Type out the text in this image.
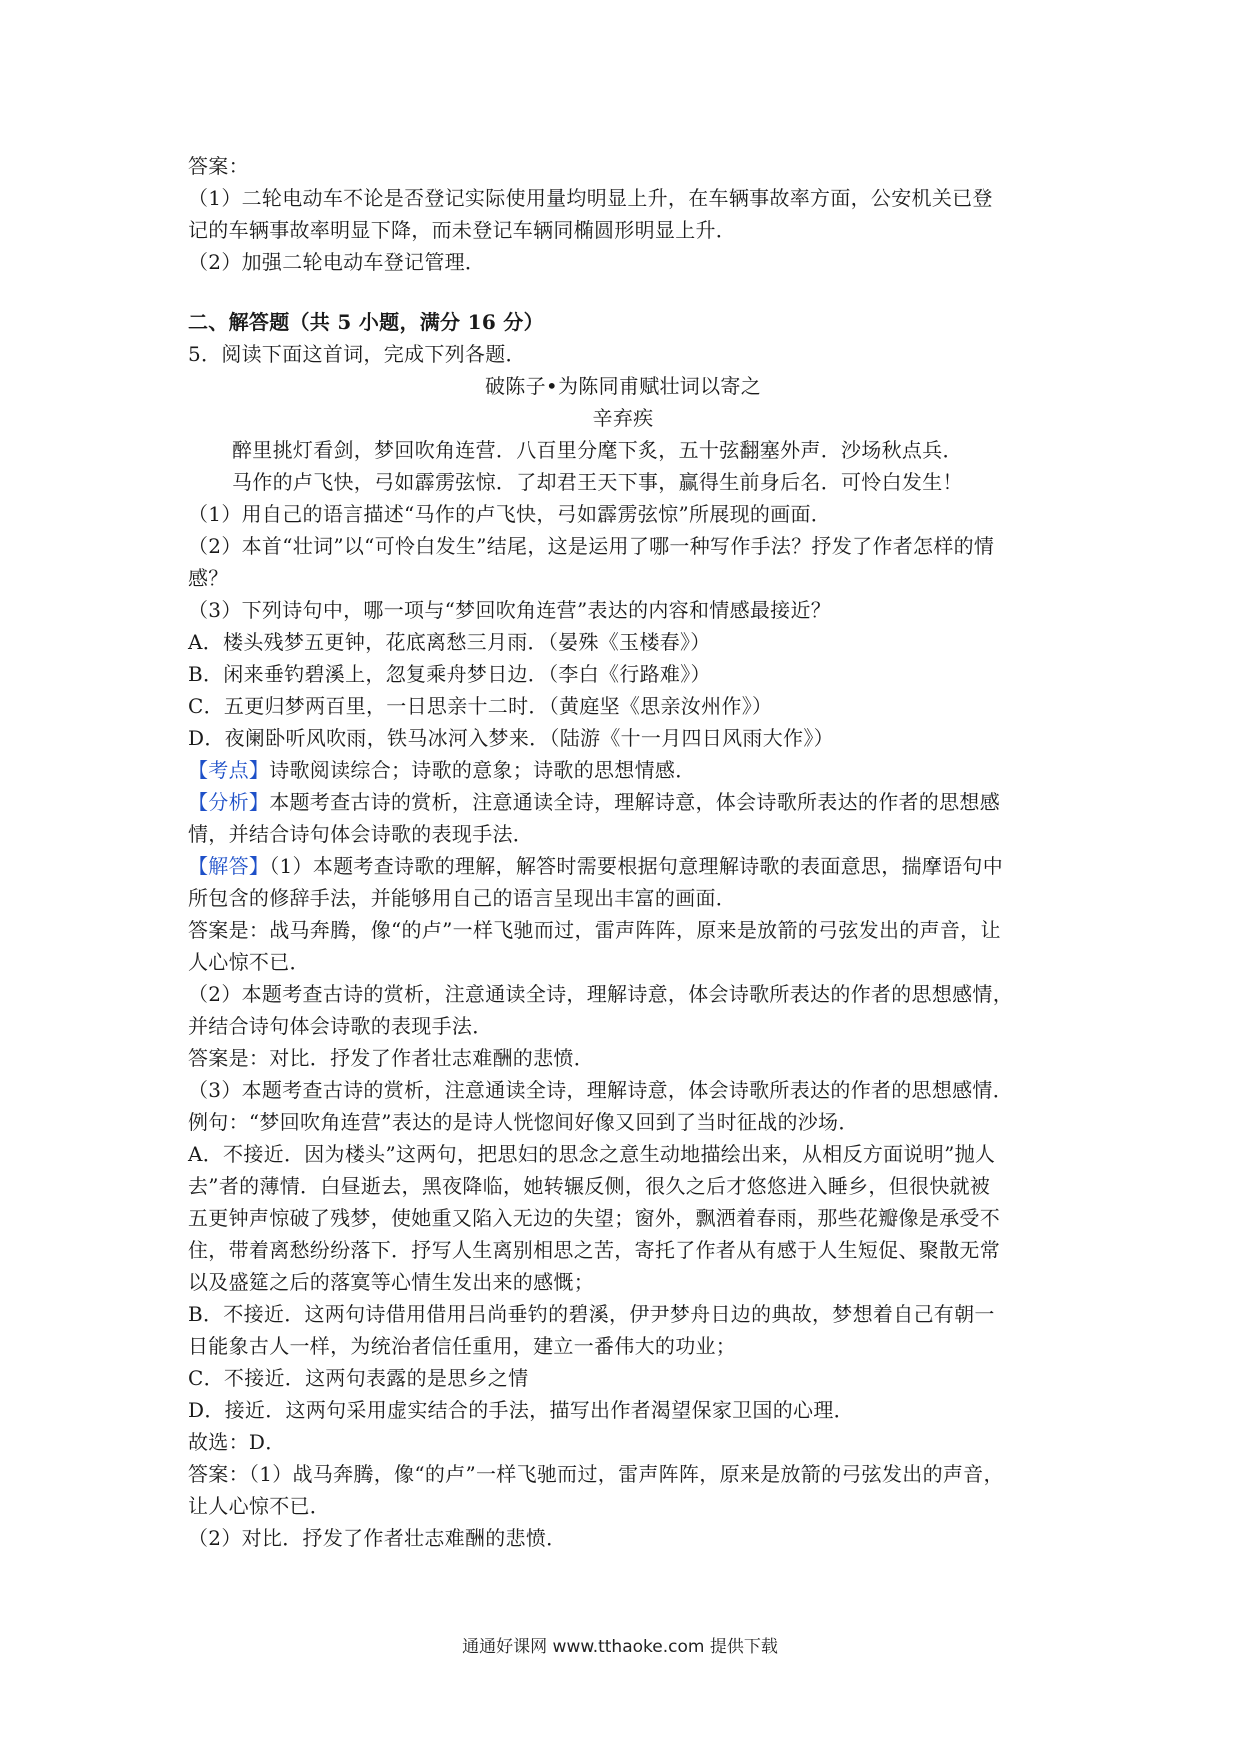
答案：
（1）二轮电动车不论是否登记实际使用量均明显上升，在车辆事故率方面，公安机关已登
记的车辆事故率明显下降，而未登记车辆同椭圆形明显上升．
（2）加强二轮电动车登记管理．
二、解答题（共 5 小题，满分 16 分）
5．阅读下面这首词，完成下列各题．
破陈子•为陈同甫赋壮词以寄之
辛弃疾
醉里挑灯看剑，梦回吹角连营．八百里分麾下炙，五十弦翻塞外声．沙场秋点兵．
马作的卢飞快，弓如霹雳弦惊．了却君王天下事，赢得生前身后名．可怜白发生！
（1）用自己的语言描述“马作的卢飞快，弓如霹雳弦惊”所展现的画面．
（2）本首“壮词”以“可怜白发生”结尾，这是运用了哪一种写作手法？抒发了作者怎样的情
感？
（3）下列诗句中，哪一项与“梦回吹角连营”表达的内容和情感最接近？
A．楼头残梦五更钟，花底离愁三月雨．（晏殊《玉楼春》）
B．闲来垂钓碧溪上，忽复乘舟梦日边．（李白《行路难》）
C．五更归梦两百里，一日思亲十二时．（黄庭坚《思亲汝州作》）
D．夜阑卧听风吹雨，铁马冰河入梦来．（陆游《十一月四日风雨大作》）
【考点】诗歌阅读综合；诗歌的意象；诗歌的思想情感．
【分析】本题考查古诗的赏析，注意通读全诗，理解诗意，体会诗歌所表达的作者的思想感
情，并结合诗句体会诗歌的表现手法．
【解答】（1）本题考查诗歌的理解，解答时需要根据句意理解诗歌的表面意思，揣摩语句中
所包含的修辞手法，并能够用自己的语言呈现出丰富的画面．
答案是：战马奔腾，像“的卢”一样飞驰而过，雷声阵阵，原来是放箭的弓弦发出的声音，让
人心惊不已．
（2）本题考查古诗的赏析，注意通读全诗，理解诗意，体会诗歌所表达的作者的思想感情，
并结合诗句体会诗歌的表现手法．
答案是：对比．抒发了作者壮志难酬的悲愤．
（3）本题考查古诗的赏析，注意通读全诗，理解诗意，体会诗歌所表达的作者的思想感情．
例句：“梦回吹角连营”表达的是诗人恍惚间好像又回到了当时征战的沙场．
A．不接近．因为楼头”这两句，把思妇的思念之意生动地描绘出来，从相反方面说明”抛人
去”者的薄情．白昼逝去，黑夜降临，她转辗反侧，很久之后才悠悠进入睡乡，但很快就被
五更钟声惊破了残梦，使她重又陷入无边的失望；窗外，飘洒着春雨，那些花瓣像是承受不
住，带着离愁纷纷落下．抒写人生离别相思之苦，寄托了作者从有感于人生短促、聚散无常
以及盛筵之后的落寞等心情生发出来的感慨；
B．不接近．这两句诗借用借用吕尚垂钓的碧溪，伊尹梦舟日边的典故，梦想着自己有朝一
日能象古人一样，为统治者信任重用，建立一番伟大的功业；
C．不接近．这两句表露的是思乡之情
D．接近．这两句采用虚实结合的手法，描写出作者渴望保家卫国的心理．
故选：D．
答案：（1）战马奔腾，像“的卢”一样飞驰而过，雷声阵阵，原来是放箭的弓弦发出的声音，
让人心惊不已．
（2）对比．抒发了作者壮志难酬的悲愤．
通通好课网 www.tthaoke.com 提供下载
